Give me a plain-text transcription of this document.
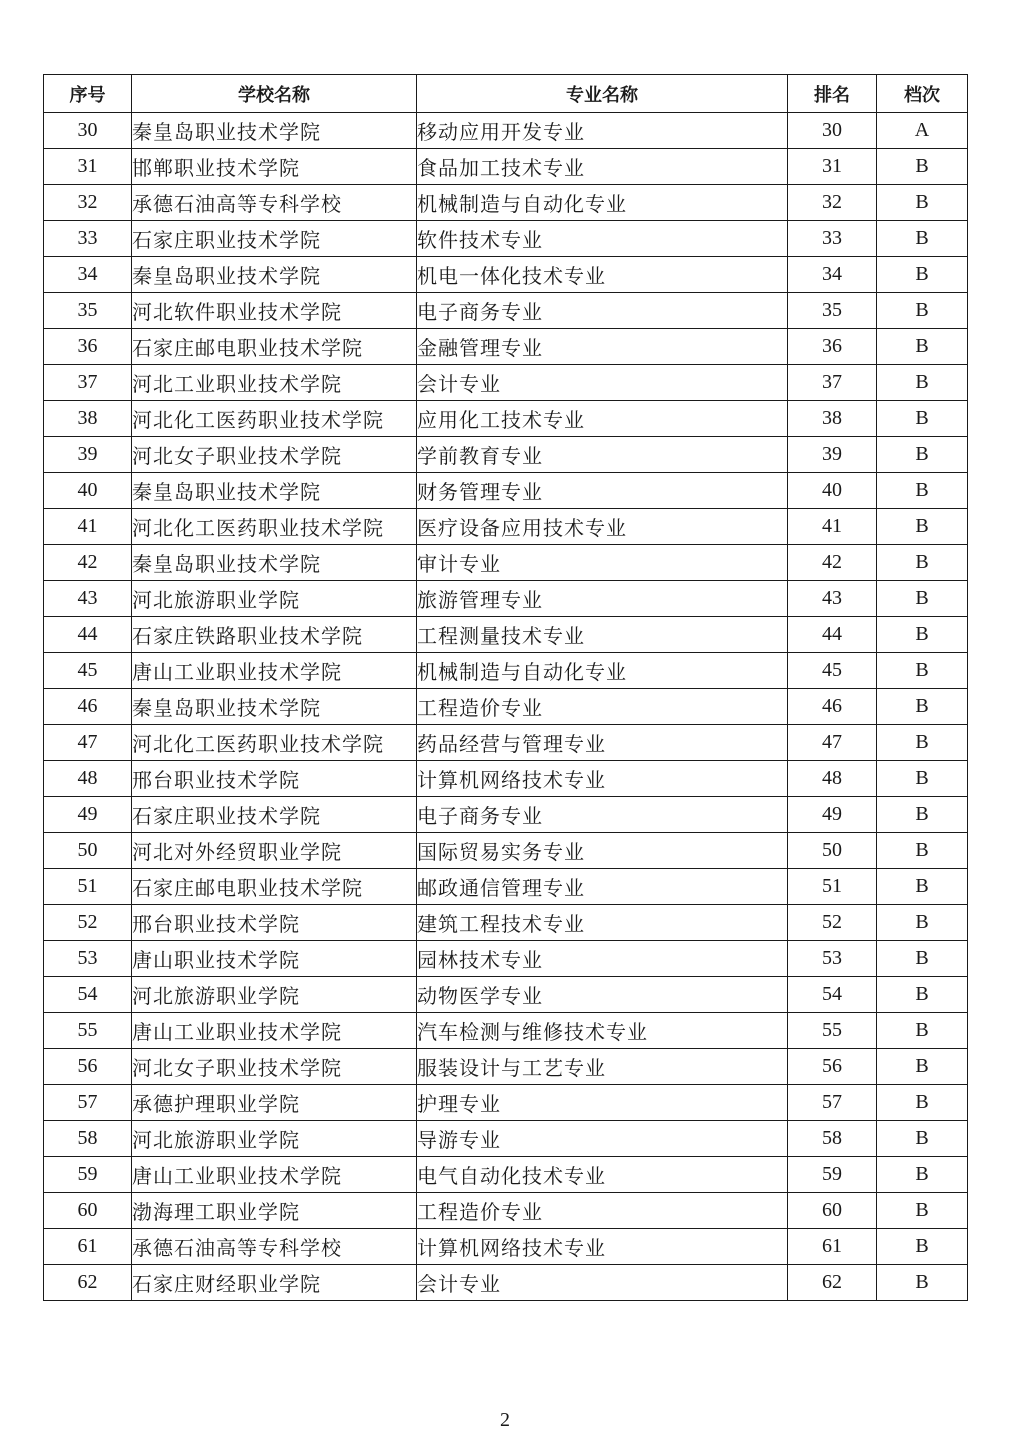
序号	学校名称	专业名称	排名	档次
30	秦皇岛职业技术学院	移动应用开发专业	30	A
31	邯郸职业技术学院	食品加工技术专业	31	B
32	承德石油高等专科学校	机械制造与自动化专业	32	B
33	石家庄职业技术学院	软件技术专业	33	B
34	秦皇岛职业技术学院	机电一体化技术专业	34	B
35	河北软件职业技术学院	电子商务专业	35	B
36	石家庄邮电职业技术学院	金融管理专业	36	B
37	河北工业职业技术学院	会计专业	37	B
38	河北化工医药职业技术学院	应用化工技术专业	38	B
39	河北女子职业技术学院	学前教育专业	39	B
40	秦皇岛职业技术学院	财务管理专业	40	B
41	河北化工医药职业技术学院	医疗设备应用技术专业	41	B
42	秦皇岛职业技术学院	审计专业	42	B
43	河北旅游职业学院	旅游管理专业	43	B
44	石家庄铁路职业技术学院	工程测量技术专业	44	B
45	唐山工业职业技术学院	机械制造与自动化专业	45	B
46	秦皇岛职业技术学院	工程造价专业	46	B
47	河北化工医药职业技术学院	药品经营与管理专业	47	B
48	邢台职业技术学院	计算机网络技术专业	48	B
49	石家庄职业技术学院	电子商务专业	49	B
50	河北对外经贸职业学院	国际贸易实务专业	50	B
51	石家庄邮电职业技术学院	邮政通信管理专业	51	B
52	邢台职业技术学院	建筑工程技术专业	52	B
53	唐山职业技术学院	园林技术专业	53	B
54	河北旅游职业学院	动物医学专业	54	B
55	唐山工业职业技术学院	汽车检测与维修技术专业	55	B
56	河北女子职业技术学院	服装设计与工艺专业	56	B
57	承德护理职业学院	护理专业	57	B
58	河北旅游职业学院	导游专业	58	B
59	唐山工业职业技术学院	电气自动化技术专业	59	B
60	渤海理工职业学院	工程造价专业	60	B
61	承德石油高等专科学校	计算机网络技术专业	61	B
62	石家庄财经职业学院	会计专业	62	B
2
